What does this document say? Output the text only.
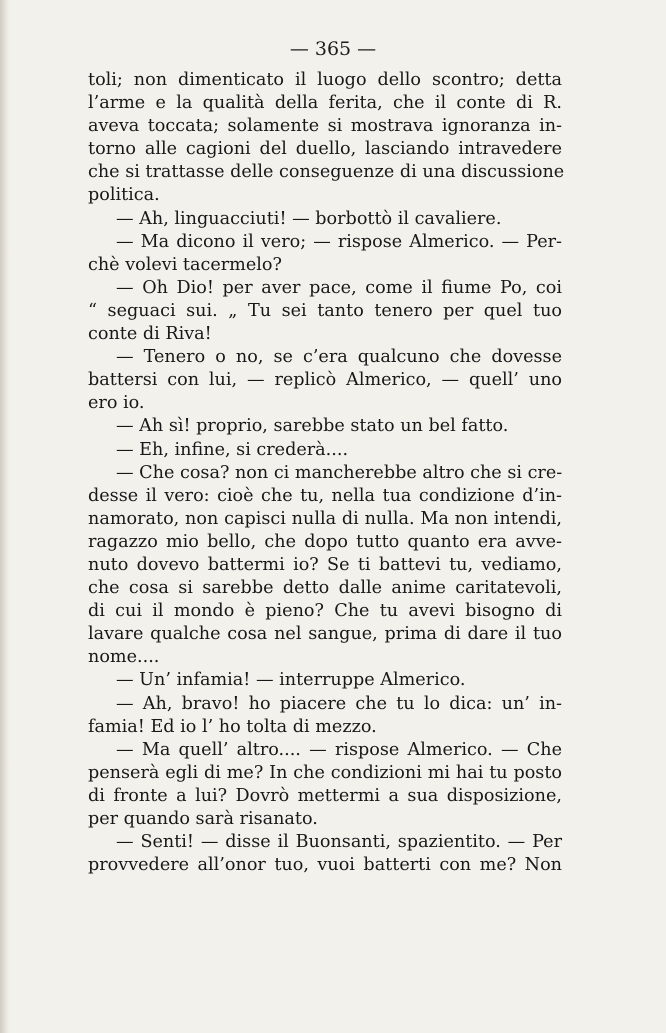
— 365 —

toli; non dimenticato il luogo dello scontro; detta
l’arme e la qualità della ferita, che il conte di R.
aveva toccata; solamente si mostrava ignoranza in-
torno alle cagioni del duello, lasciando intravedere
che si trattasse delle conseguenze di una discussione
politica.
— Ah, linguacciuti! — borbottò il cavaliere.
— Ma dicono il vero; — rispose Almerico. — Per-
chè volevi tacermelo?
— Oh Dio! per aver pace, come il fiume Po, coi
“ seguaci sui. „ Tu sei tanto tenero per quel tuo
conte di Riva!
— Tenero o no, se c’era qualcuno che dovesse
battersi con lui, — replicò Almerico, — quell’ uno
ero io.
— Ah sì! proprio, sarebbe stato un bel fatto.
— Eh, infine, si crederà....
— Che cosa? non ci mancherebbe altro che si cre-
desse il vero: cioè che tu, nella tua condizione d’in-
namorato, non capisci nulla di nulla. Ma non intendi,
ragazzo mio bello, che dopo tutto quanto era avve-
nuto dovevo battermi io? Se ti battevi tu, vediamo,
che cosa si sarebbe detto dalle anime caritatevoli,
di cui il mondo è pieno? Che tu avevi bisogno di
lavare qualche cosa nel sangue, prima di dare il tuo
nome....
— Un’ infamia! — interruppe Almerico.
— Ah, bravo! ho piacere che tu lo dica: un’ in-
famia! Ed io l’ ho tolta di mezzo.
— Ma quell’ altro.... — rispose Almerico. — Che
penserà egli di me? In che condizioni mi hai tu posto
di fronte a lui? Dovrò mettermi a sua disposizione,
per quando sarà risanato.
— Senti! — disse il Buonsanti, spazientito. — Per
provvedere all’onor tuo, vuoi batterti con me? Non
